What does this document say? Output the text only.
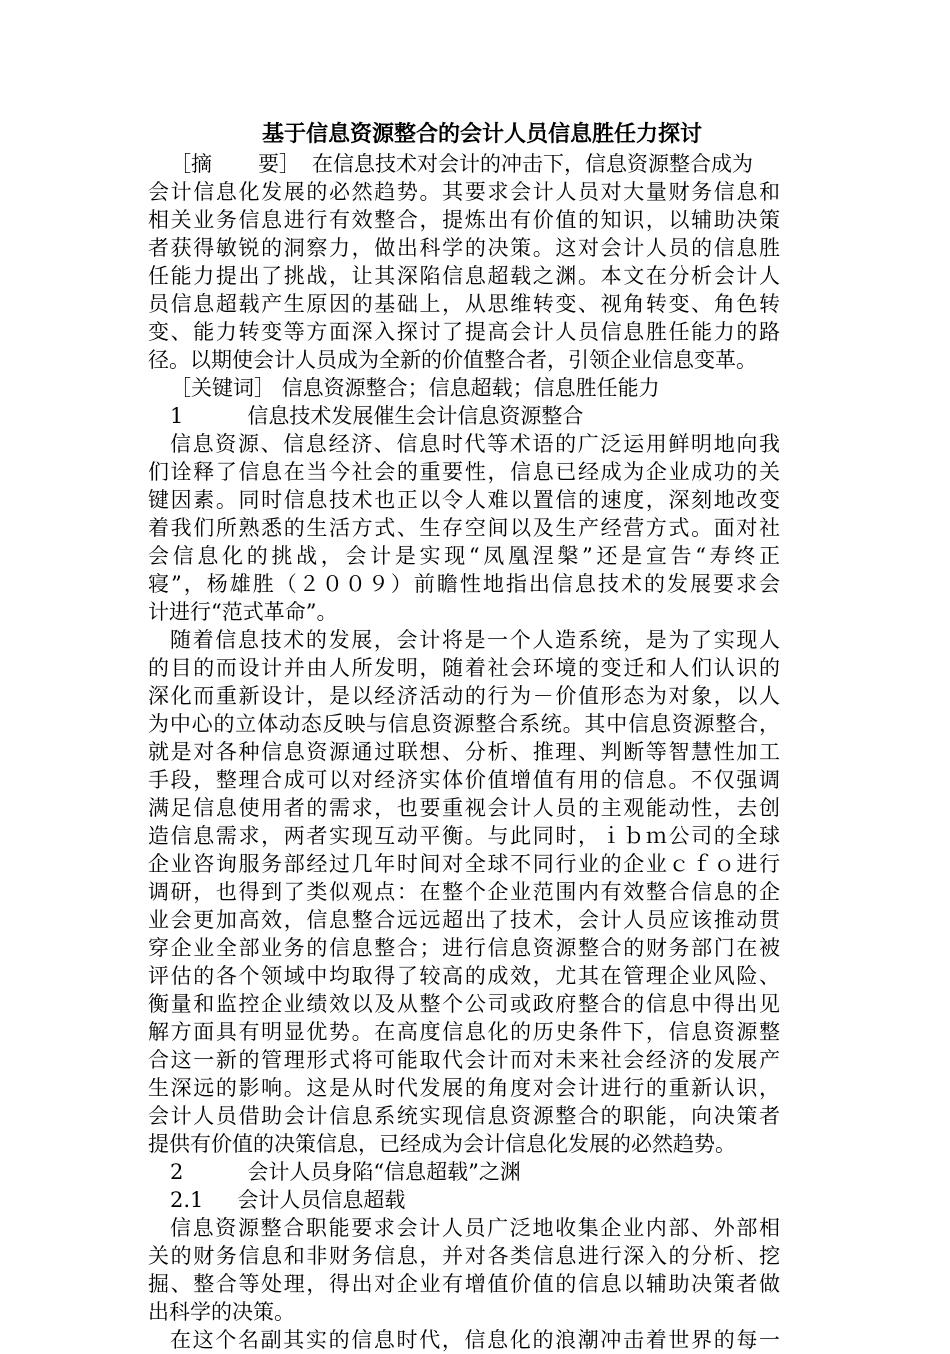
基于信息资源整合的会计人员信息胜任力探讨
［摘 要］ 在信息技术对会计的冲击下，信息资源整合成为
会计信息化发展的必然趋势。其要求会计人员对大量财务信息和
相关业务信息进行有效整合，提炼出有价值的知识，以辅助决策
者获得敏锐的洞察力，做出科学的决策。这对会计人员的信息胜
任能力提出了挑战，让其深陷信息超载之渊。本文在分析会计人
员信息超载产生原因的基础上，从思维转变、视角转变、角色转
变、能力转变等方面深入探讨了提高会计人员信息胜任能力的路
径。以期使会计人员成为全新的价值整合者，引领企业信息变革。
［关键词］ 信息资源整合；信息超载；信息胜任能力
1	信息技术发展催生会计信息资源整合
信息资源、信息经济、信息时代等术语的广泛运用鲜明地向我
们诠释了信息在当今社会的重要性，信息已经成为企业成功的关
键因素。同时信息技术也正以令人难以置信的速度，深刻地改变
着我们所熟悉的生活方式、生存空间以及生产经营方式。面对社
会信息化的挑战，会计是实现“凤凰涅槃”还是宣告“寿终正
寝”，杨雄胜（２００９）前瞻性地指出信息技术的发展要求会
计进行“范式革命”。
随着信息技术的发展，会计将是一个人造系统，是为了实现人
的目的而设计并由人所发明，随着社会环境的变迁和人们认识的
深化而重新设计，是以经济活动的行为－价值形态为对象，以人
为中心的立体动态反映与信息资源整合系统。其中信息资源整合，
就是对各种信息资源通过联想、分析、推理、判断等智慧性加工
手段，整理合成可以对经济实体价值增值有用的信息。不仅强调
满足信息使用者的需求，也要重视会计人员的主观能动性，去创
造信息需求，两者实现互动平衡。与此同时，ｉｂｍ公司的全球
企业咨询服务部经过几年时间对全球不同行业的企业ｃｆｏ进行
调研，也得到了类似观点：在整个企业范围内有效整合信息的企
业会更加高效，信息整合远远超出了技术，会计人员应该推动贯
穿企业全部业务的信息整合；进行信息资源整合的财务部门在被
评估的各个领域中均取得了较高的成效，尤其在管理企业风险、
衡量和监控企业绩效以及从整个公司或政府整合的信息中得出见
解方面具有明显优势。在高度信息化的历史条件下，信息资源整
合这一新的管理形式将可能取代会计而对未来社会经济的发展产
生深远的影响。这是从时代发展的角度对会计进行的重新认识，
会计人员借助会计信息系统实现信息资源整合的职能，向决策者
提供有价值的决策信息，已经成为会计信息化发展的必然趋势。
2	会计人员身陷“信息超载”之渊
2.1 会计人员信息超载
信息资源整合职能要求会计人员广泛地收集企业内部、外部相
关的财务信息和非财务信息，并对各类信息进行深入的分析、挖
掘、整合等处理，得出对企业有增值价值的信息以辅助决策者做
出科学的决策。
在这个名副其实的信息时代，信息化的浪潮冲击着世界的每一
